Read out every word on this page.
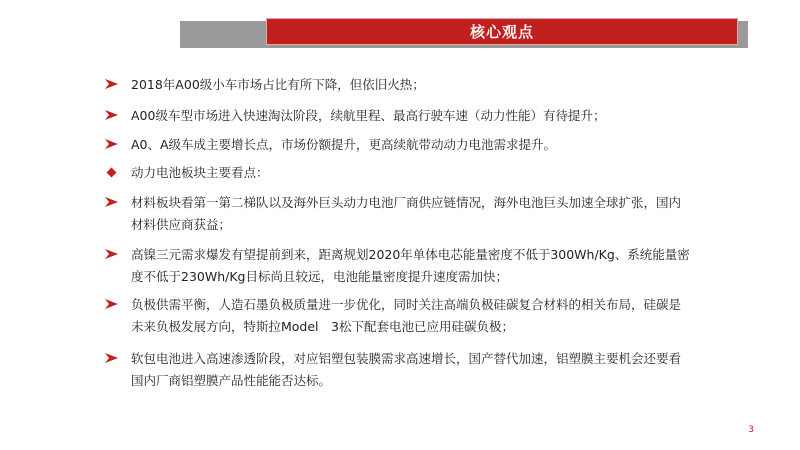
核心观点
2018年A00级小车市场占比有所下降，但依旧火热；
A00级车型市场进入快速淘汰阶段，续航里程、最高行驶车速（动力性能）有待提升；
A0、A级车成主要增长点，市场份额提升，更高续航带动动力电池需求提升。
动力电池板块主要看点：
材料板块看第一第二梯队以及海外巨头动力电池厂商供应链情况，海外电池巨头加速全球扩张，国内材料供应商获益；
高镍三元需求爆发有望提前到来，距离规划2020年单体电芯能量密度不低于300Wh/Kg、系统能量密度不低于230Wh/Kg目标尚且较远，电池能量密度提升速度需加快；
负极供需平衡，人造石墨负极质量进一步优化，同时关注高端负极硅碳复合材料的相关布局，硅碳是未来负极发展方向，特斯拉Model　3松下配套电池已应用硅碳负极；
软包电池进入高速渗透阶段，对应铝塑包装膜需求高速增长，国产替代加速，铝塑膜主要机会还要看国内厂商铝塑膜产品性能能否达标。
3
